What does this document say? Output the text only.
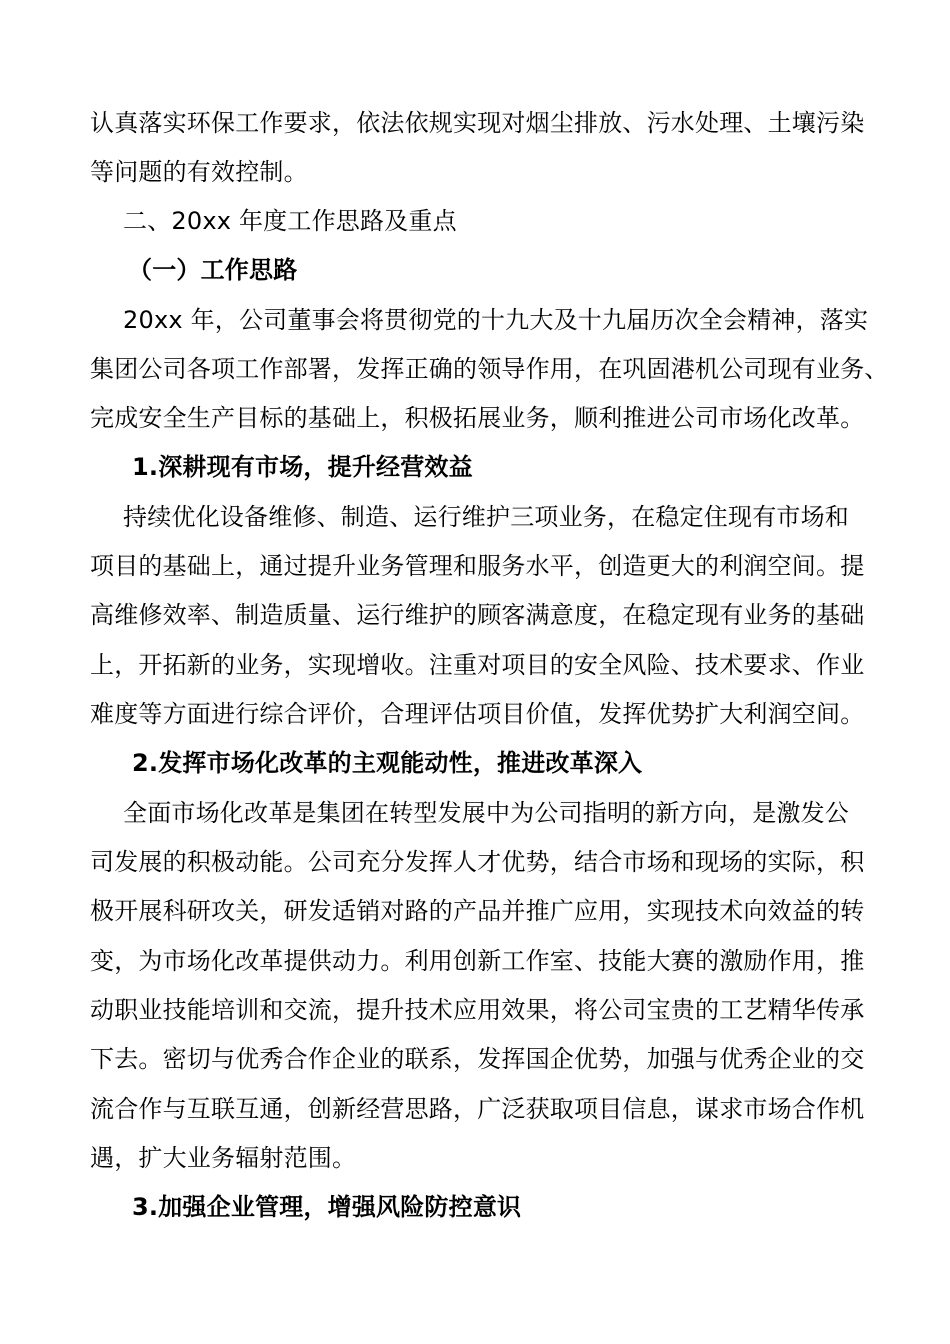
认真落实环保工作要求，依法依规实现对烟尘排放、污水处理、土壤污染
等问题的有效控制。
二、20xx 年度工作思路及重点
（一）工作思路
20xx 年，公司董事会将贯彻党的十九大及十九届历次全会精神，落实
集团公司各项工作部署，发挥正确的领导作用，在巩固港机公司现有业务、
完成安全生产目标的基础上，积极拓展业务，顺利推进公司市场化改革。
1.深耕现有市场，提升经营效益
持续优化设备维修、制造、运行维护三项业务，在稳定住现有市场和
项目的基础上，通过提升业务管理和服务水平，创造更大的利润空间。提
高维修效率、制造质量、运行维护的顾客满意度，在稳定现有业务的基础
上，开拓新的业务，实现增收。注重对项目的安全风险、技术要求、作业
难度等方面进行综合评价，合理评估项目价值，发挥优势扩大利润空间。
2.发挥市场化改革的主观能动性，推进改革深入
全面市场化改革是集团在转型发展中为公司指明的新方向，是激发公
司发展的积极动能。公司充分发挥人才优势，结合市场和现场的实际，积
极开展科研攻关，研发适销对路的产品并推广应用，实现技术向效益的转
变，为市场化改革提供动力。利用创新工作室、技能大赛的激励作用，推
动职业技能培训和交流，提升技术应用效果，将公司宝贵的工艺精华传承
下去。密切与优秀合作企业的联系，发挥国企优势，加强与优秀企业的交
流合作与互联互通，创新经营思路，广泛获取项目信息，谋求市场合作机
遇，扩大业务辐射范围。
3.加强企业管理，增强风险防控意识
